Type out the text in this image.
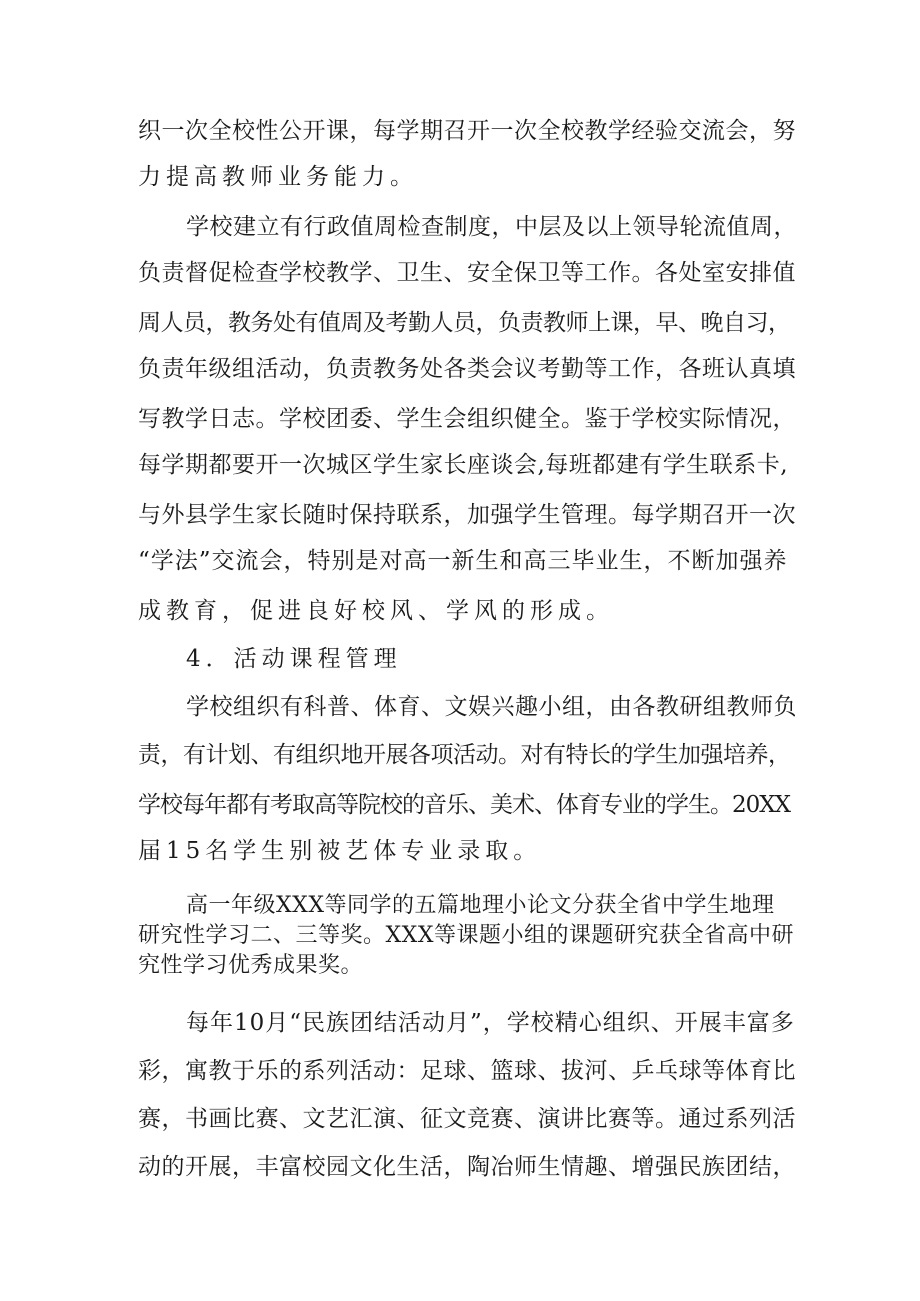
织一次全校性公开课，每学期召开一次全校教学经验交流会，努
力提高教师业务能力。
学校建立有行政值周检查制度，中层及以上领导轮流值周，
负责督促检查学校教学、卫生、安全保卫等工作。各处室安排值
周人员，教务处有值周及考勤人员，负责教师上课，早、晚自习，
负责年级组活动，负责教务处各类会议考勤等工作，各班认真填
写教学日志。学校团委、学生会组织健全。鉴于学校实际情况，
每学期都要开一次城区学生家长座谈会,每班都建有学生联系卡,
与外县学生家长随时保持联系，加强学生管理。每学期召开一次
“学法”交流会，特别是对高一新生和高三毕业生，不断加强养
成教育，促进良好校风、学风的形成。
4．活动课程管理
学校组织有科普、体育、文娱兴趣小组，由各教研组教师负
责，有计划、有组织地开展各项活动。对有特长的学生加强培养，
学校每年都有考取高等院校的音乐、美术、体育专业的学生。20XX
届15名学生别被艺体专业录取。
高一年级XXX等同学的五篇地理小论文分获全省中学生地理
研究性学习二、三等奖。XXX等课题小组的课题研究获全省高中研
究性学习优秀成果奖。
每年10月“民族团结活动月”，学校精心组织、开展丰富多
彩，寓教于乐的系列活动：足球、篮球、拔河、乒乓球等体育比
赛，书画比赛、文艺汇演、征文竞赛、演讲比赛等。通过系列活
动的开展，丰富校园文化生活，陶冶师生情趣、增强民族团结，
